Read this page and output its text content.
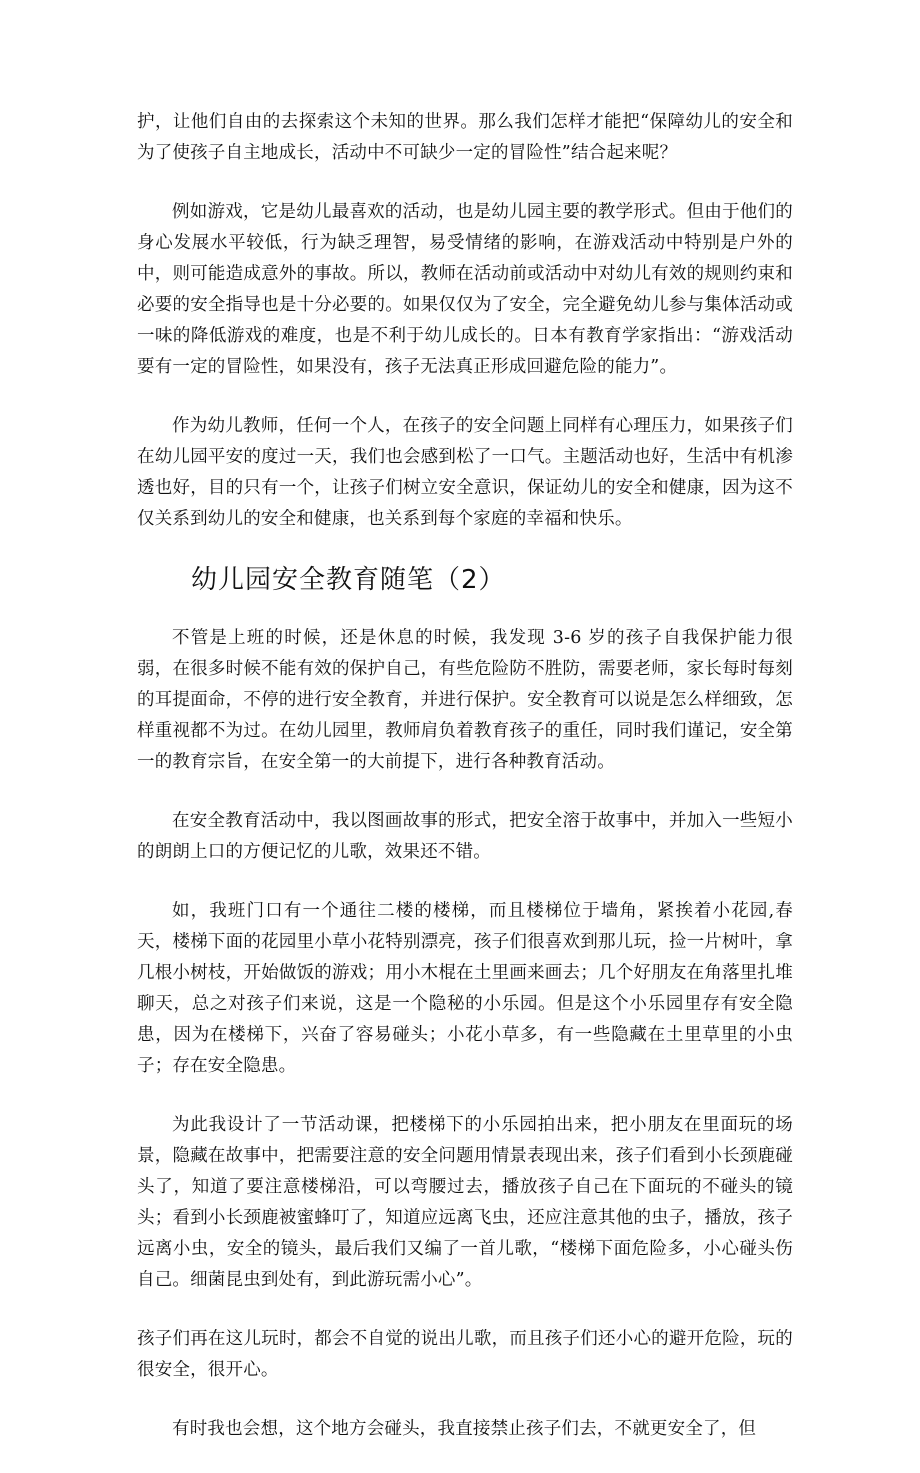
护，让他们自由的去探索这个未知的世界。那么我们怎样才能把“保障幼儿的安全和为了使孩子自主地成长，活动中不可缺少一定的冒险性”结合起来呢？

例如游戏，它是幼儿最喜欢的活动，也是幼儿园主要的教学形式。但由于他们的身心发展水平较低，行为缺乏理智，易受情绪的影响，在游戏活动中特别是户外的中，则可能造成意外的事故。所以，教师在活动前或活动中对幼儿有效的规则约束和必要的安全指导也是十分必要的。如果仅仅为了安全，完全避免幼儿参与集体活动或一味的降低游戏的难度，也是不利于幼儿成长的。日本有教育学家指出：“游戏活动要有一定的冒险性，如果没有，孩子无法真正形成回避危险的能力”。

作为幼儿教师，任何一个人，在孩子的安全问题上同样有心理压力，如果孩子们在幼儿园平安的度过一天，我们也会感到松了一口气。主题活动也好，生活中有机渗透也好，目的只有一个，让孩子们树立安全意识，保证幼儿的安全和健康，因为这不仅关系到幼儿的安全和健康，也关系到每个家庭的幸福和快乐。

幼儿园安全教育随笔（2）

不管是上班的时候，还是休息的时候，我发现 3-6 岁的孩子自我保护能力很弱，在很多时候不能有效的保护自己，有些危险防不胜防，需要老师，家长每时每刻的耳提面命，不停的进行安全教育，并进行保护。安全教育可以说是怎么样细致，怎样重视都不为过。在幼儿园里，教师肩负着教育孩子的重任，同时我们谨记，安全第一的教育宗旨，在安全第一的大前提下，进行各种教育活动。

在安全教育活动中，我以图画故事的形式，把安全溶于故事中，并加入一些短小的朗朗上口的方便记忆的儿歌，效果还不错。

如，我班门口有一个通往二楼的楼梯，而且楼梯位于墙角，紧挨着小花园,春天，楼梯下面的花园里小草小花特别漂亮，孩子们很喜欢到那儿玩，捡一片树叶，拿几根小树枝，开始做饭的游戏；用小木棍在土里画来画去；几个好朋友在角落里扎堆聊天，总之对孩子们来说，这是一个隐秘的小乐园。但是这个小乐园里存有安全隐患，因为在楼梯下，兴奋了容易碰头；小花小草多，有一些隐藏在土里草里的小虫子；存在安全隐患。

为此我设计了一节活动课，把楼梯下的小乐园拍出来，把小朋友在里面玩的场景，隐藏在故事中，把需要注意的安全问题用情景表现出来，孩子们看到小长颈鹿碰头了，知道了要注意楼梯沿，可以弯腰过去，播放孩子自己在下面玩的不碰头的镜头；看到小长颈鹿被蜜蜂叮了，知道应远离飞虫，还应注意其他的虫子，播放，孩子远离小虫，安全的镜头，最后我们又编了一首儿歌，“楼梯下面危险多，小心碰头伤自己。细菌昆虫到处有，到此游玩需小心”。

孩子们再在这儿玩时，都会不自觉的说出儿歌，而且孩子们还小心的避开危险，玩的很安全，很开心。

有时我也会想，这个地方会碰头，我直接禁止孩子们去，不就更安全了，但
